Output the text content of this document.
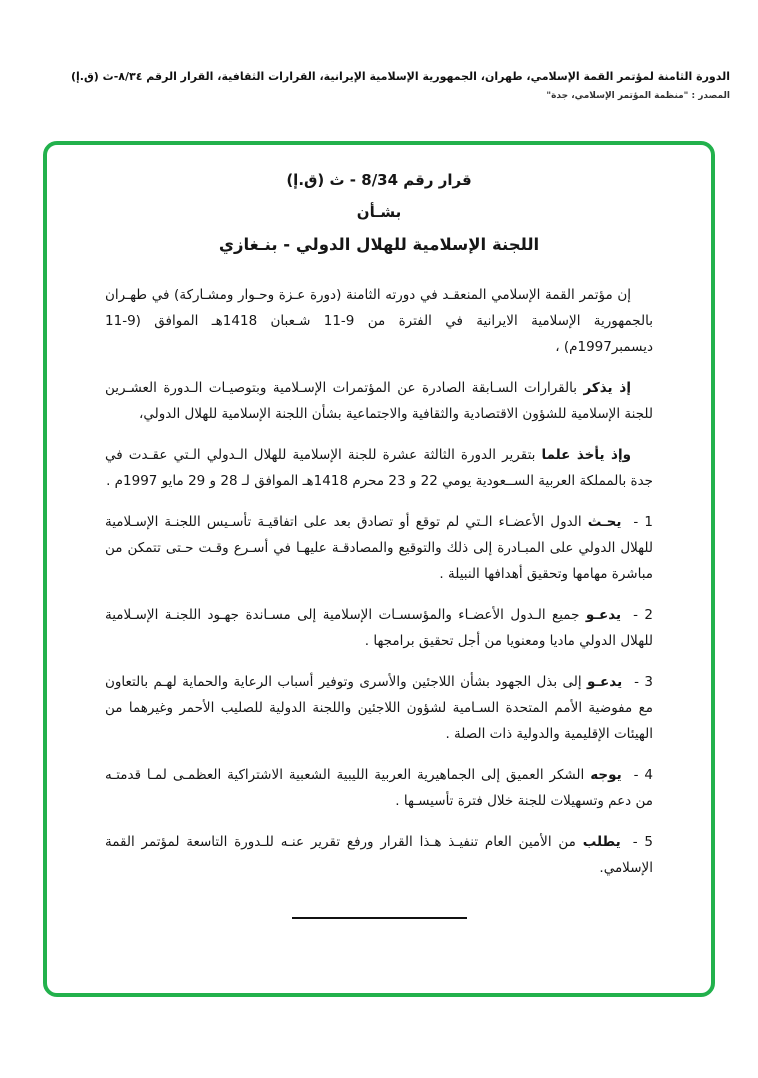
الدورة الثامنة لمؤتمر القمة الإسلامي، طهران، الجمهورية الإسلامية الإيرانية، القرارات الثقافية، القرار الرقم ٨/٣٤-ث (ق.إ)
المصدر : "منظمة المؤتمر الإسلامي، جدة"
قرار رقم 8/34 - ث (ق.إ)
بشـأن
اللجنة الإسلامية للهلال الدولي - بنـغازي

إن مؤتمر القمة الإسلامي المنعقـد في دورته الثامنة (دورة عـزة وحـوار ومشـاركة) في طهـران بالجمهورية الإسلامية الايرانية في الفترة من 9-11 شـعبان 1418هـ الموافق (9-11 ديسمبر1997م) ،

إذ يذكر بالقرارات السـابقة الصادرة عن المؤتمرات الإسـلامية وبتوصيـات الـدورة العشـرين للجنة الإسلامية للشؤون الاقتصادية والثقافية والاجتماعية بشأن اللجنة الإسلامية للهلال الدولي،

وإذ يأخذ علما بتقرير الدورة الثالثة عشرة للجنة الإسلامية للهلال الـدولي الـتي عقـدت في جدة بالمملكة العربية الســعودية يومي 22 و 23 محرم 1418هـ الموافق لـ 28 و 29 مايو 1997م .

1 -يحـث الدول الأعضـاء الـتي لم توقع أو تصادق بعد على اتفاقيـة تأسـيس اللجنـة الإسـلامية للهلال الدولي على المبـادرة إلى ذلك والتوقيع والمصادقـة عليهـا في أسـرع وقـت حـتى تتمكن من مباشرة مهامها وتحقيق أهدافها النبيلة .

2 -يدعـو جميع الـدول الأعضـاء والمؤسسـات الإسلامية إلى مسـاندة جهـود اللجنـة الإسـلامية للهلال الدولي ماديا ومعنويا من أجل تحقيق برامجها .

3 -يدعـو إلى بذل الجهود بشأن اللاجئين والأسرى وتوفير أسباب الرعاية والحماية لهـم بالتعاون مع مفوضية الأمم المتحدة السـامية لشؤون اللاجئين واللجنة الدولية للصليب الأحمر وغيرهما من الهيئات الإقليمية والدولية ذات الصلة .

4 -يوجه الشكر العميق إلى الجماهيرية العربية الليبية الشعبية الاشتراكية العظمـى لمـا قدمتـه من دعم وتسهيلات للجنة خلال فترة تأسيسـها .

5 -يطلب من الأمين العام تنفيـذ هـذا القرار ورفع تقرير عنـه للـدورة التاسعة لمؤتمر القمة الإسلامي.
